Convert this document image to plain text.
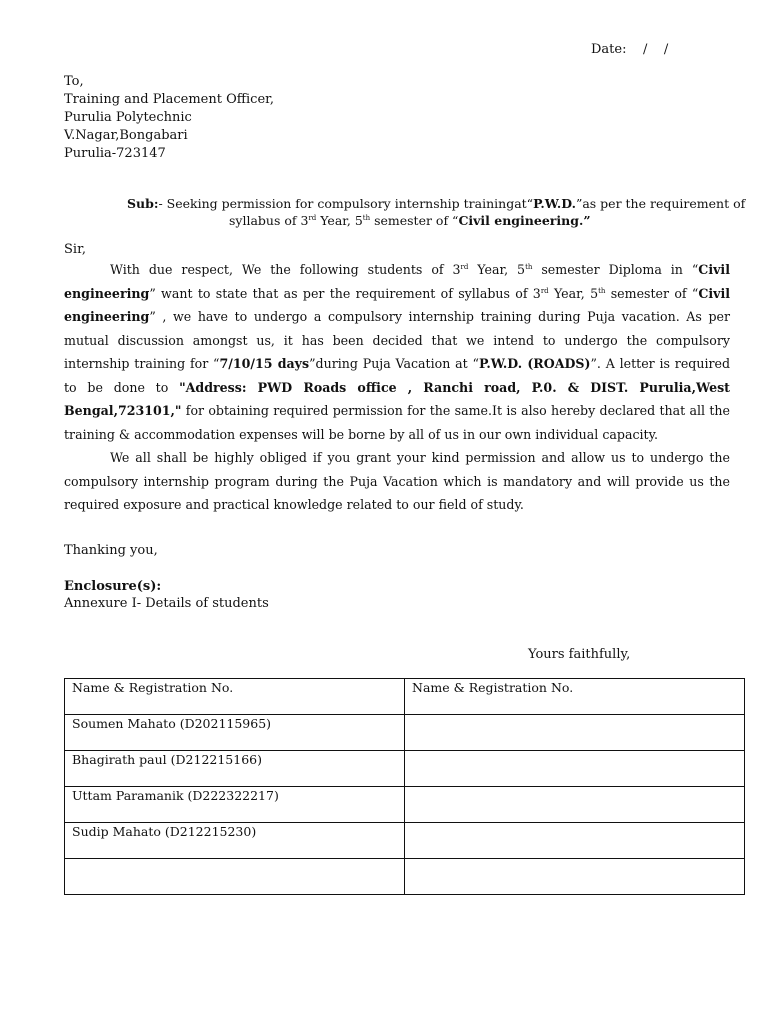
Date:    /    /
To,
Training and Placement Officer,
Purulia Polytechnic
V.Nagar,Bongabari
Purulia-723147
Sub:- Seeking permission for compulsory internship trainingat“P.W.D.”as per the requirement of
syllabus of 3rd Year, 5th semester of “Civil engineering.”
Sir,

With due respect, We the following students of 3rd Year, 5th semester Diploma in “Civil engineering” want to state that as per the requirement of syllabus of 3rd Year, 5th semester of “Civil engineering” , we have to undergo a compulsory internship training during Puja vacation. As per mutual discussion amongst us, it has been decided that we intend to undergo the compulsory internship training for “7/10/15 days”during Puja Vacation at “P.W.D. (ROADS)”. A letter is required to be done to "Address: PWD Roads office , Ranchi road, P.0. & DIST. Purulia,West Bengal,723101," for obtaining required permission for the same.It is also hereby declared that all the training & accommodation expenses will be borne by all of us in our own individual capacity.

We all shall be highly obliged if you grant your kind permission and allow us to undergo the compulsory internship program during the Puja Vacation which is mandatory and will provide us the required exposure and practical knowledge related to our field of study.

Thanking you,
Enclosure(s):
Annexure I- Details of students
Yours faithfully,
Name & Registration No.	Name & Registration No.
Soumen Mahato (D202115965)	
Bhagirath paul (D212215166)	
Uttam Paramanik (D222322217)	
Sudip Mahato (D212215230)	
